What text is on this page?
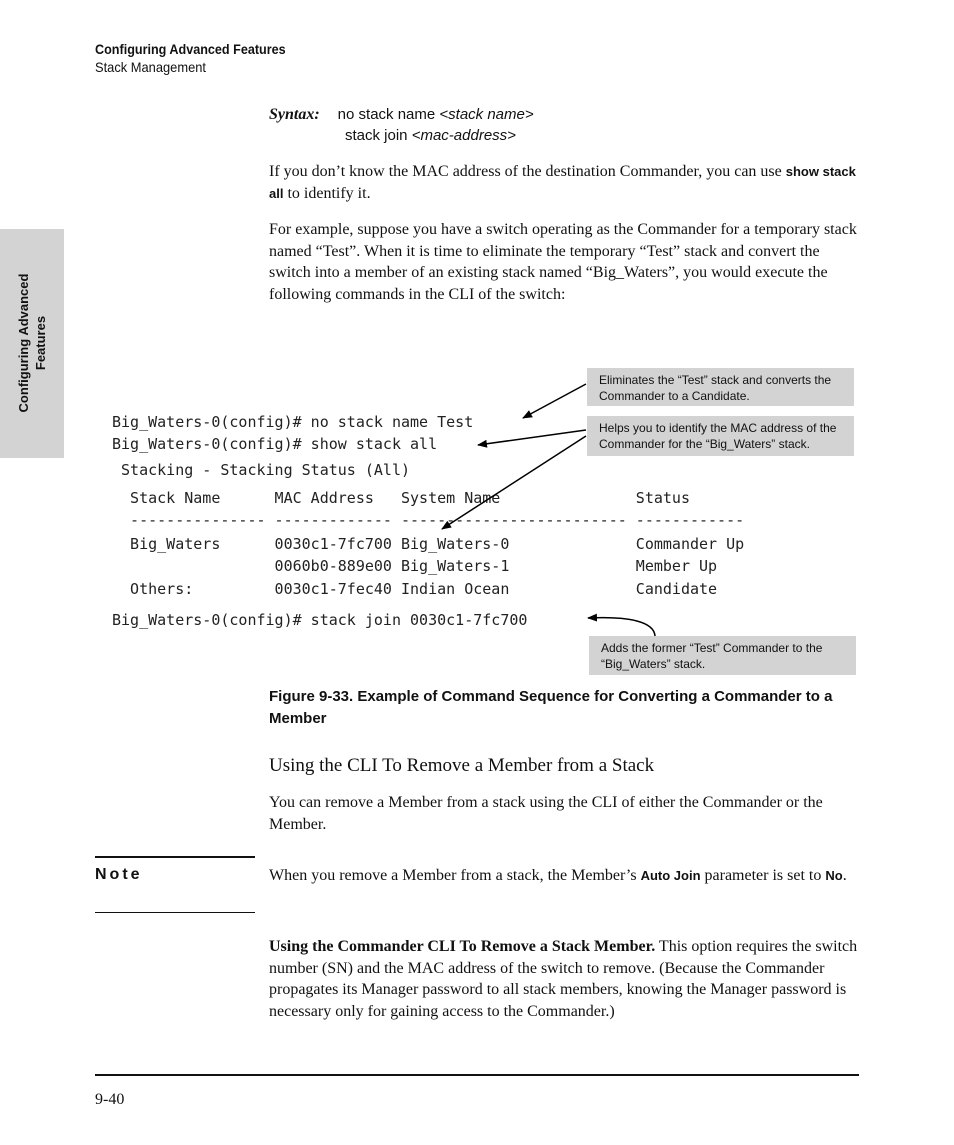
Configuring Advanced Features
Stack Management
Configuring Advanced Features
Syntax: no stack name <stack name>
stack join <mac-address>
If you don’t know the MAC address of the destination Commander, you can use show stack all to identify it.
For example, suppose you have a switch operating as the Commander for a temporary stack named “Test”. When it is time to eliminate the temporary “Test” stack and convert the switch into a member of an existing stack named “Big_Waters”, you would execute the following commands in the CLI of the switch:
Big_Waters-0(config)# no stack name Test
Big_Waters-0(config)# show stack all
Stacking - Stacking Status (All)
Stack Name      MAC Address   System Name               Status
--------------- ------------- ------------------------- ------------
Big_Waters      0030c1-7fc700 Big_Waters-0              Commander Up
0060b0-889e00 Big_Waters-1              Member Up
Others:         0030c1-7fec40 Indian Ocean              Candidate
Big_Waters-0(config)# stack join 0030c1-7fc700
Eliminates the “Test” stack and converts the Commander to a Candidate.
Helps you to identify the MAC address of the Commander for the “Big_Waters” stack.
Adds the former “Test” Commander to the “Big_Waters” stack.
Figure 9-33. Example of Command Sequence for Converting a Commander to a Member
Using the CLI To Remove a Member from a Stack
You can remove a Member from a stack using the CLI of either the Commander or the Member.
Note	When you remove a Member from a stack, the Member’s Auto Join parameter is set to No.
Using the Commander CLI To Remove a Stack Member. This option requires the switch number (SN) and the MAC address of the switch to remove. (Because the Commander propagates its Manager password to all stack members, knowing the Manager password is necessary only for gaining access to the Commander.)
9-40
